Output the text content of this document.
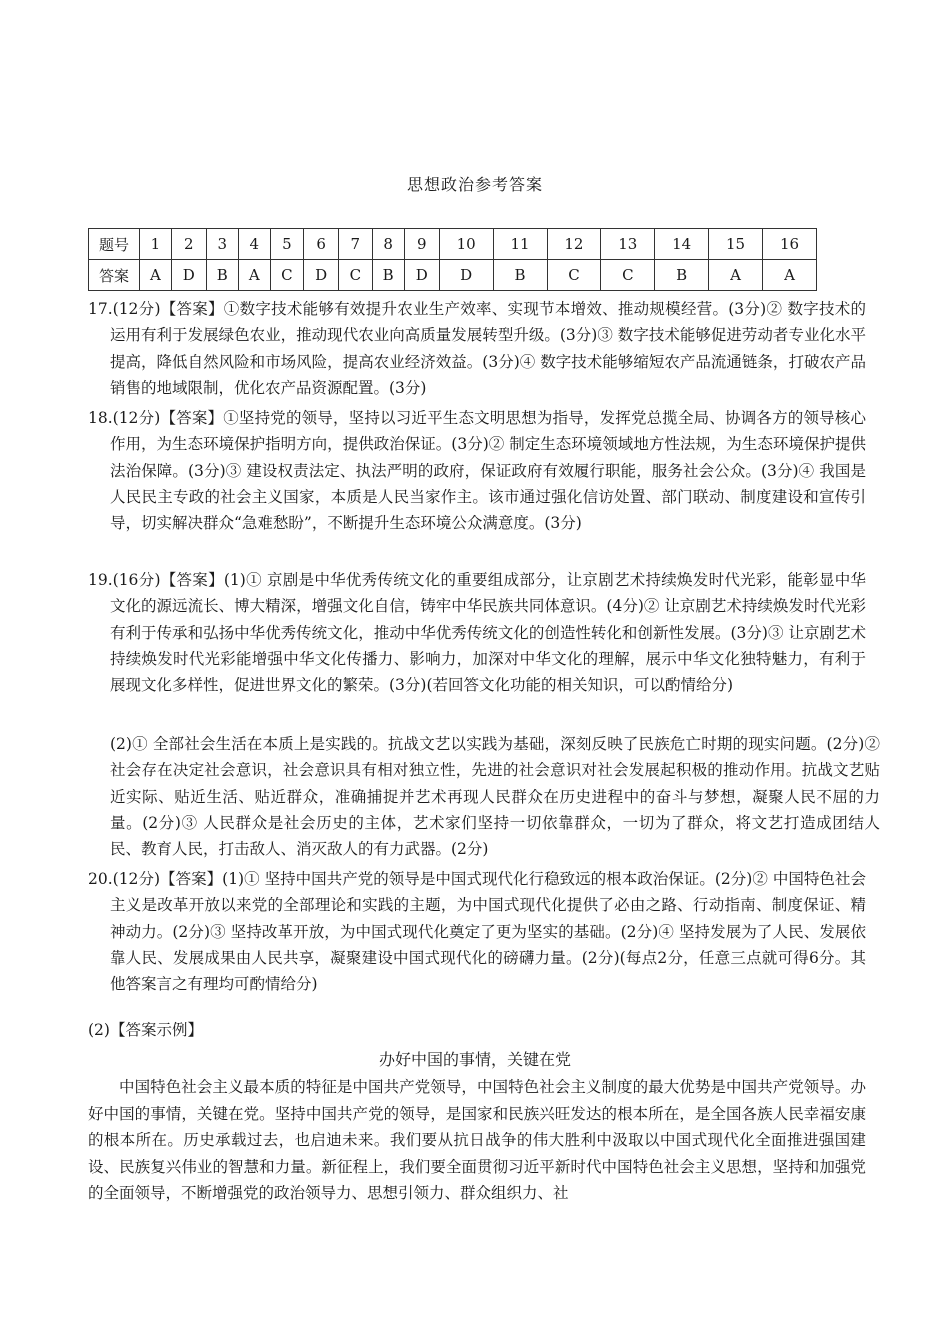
思想政治参考答案
题号	1	2	3	4	5	6	7	8	9	10	11	12	13	14	15	16
答案	A	D	B	A	C	D	C	B	D	D	B	C	C	B	A	A
17.(12分)【答案】①数字技术能够有效提升农业生产效率、实现节本增效、推动规模经营。(3分)② 数字技术的运用有利于发展绿色农业，推动现代农业向高质量发展转型升级。(3分)③ 数字技术能够促进劳动者专业化水平提高，降低自然风险和市场风险，提高农业经济效益。(3分)④ 数字技术能够缩短农产品流通链条，打破农产品销售的地域限制，优化农产品资源配置。(3分)
18.(12分)【答案】①坚持党的领导，坚持以习近平生态文明思想为指导，发挥党总揽全局、协调各方的领导核心作用，为生态环境保护指明方向，提供政治保证。(3分)② 制定生态环境领域地方性法规，为生态环境保护提供法治保障。(3分)③ 建设权责法定、执法严明的政府，保证政府有效履行职能，服务社会公众。(3分)④ 我国是人民民主专政的社会主义国家，本质是人民当家作主。该市通过强化信访处置、部门联动、制度建设和宣传引导，切实解决群众“急难愁盼”，不断提升生态环境公众满意度。(3分)
19.(16分)【答案】(1)① 京剧是中华优秀传统文化的重要组成部分，让京剧艺术持续焕发时代光彩，能彰显中华文化的源远流长、博大精深，增强文化自信，铸牢中华民族共同体意识。(4分)② 让京剧艺术持续焕发时代光彩有利于传承和弘扬中华优秀传统文化，推动中华优秀传统文化的创造性转化和创新性发展。(3分)③ 让京剧艺术持续焕发时代光彩能增强中华文化传播力、影响力，加深对中华文化的理解，展示中华文化独特魅力，有利于展现文化多样性，促进世界文化的繁荣。(3分)(若回答文化功能的相关知识，可以酌情给分)
(2)① 全部社会生活在本质上是实践的。抗战文艺以实践为基础，深刻反映了民族危亡时期的现实问题。(2分)② 社会存在决定社会意识，社会意识具有相对独立性，先进的社会意识对社会发展起积极的推动作用。抗战文艺贴近实际、贴近生活、贴近群众，准确捕捉并艺术再现人民群众在历史进程中的奋斗与梦想，凝聚人民不屈的力量。(2分)③ 人民群众是社会历史的主体，艺术家们坚持一切依靠群众，一切为了群众，将文艺打造成团结人民、教育人民，打击敌人、消灭敌人的有力武器。(2分)
20.(12分)【答案】(1)① 坚持中国共产党的领导是中国式现代化行稳致远的根本政治保证。(2分)② 中国特色社会主义是改革开放以来党的全部理论和实践的主题，为中国式现代化提供了必由之路、行动指南、制度保证、精神动力。(2分)③ 坚持改革开放，为中国式现代化奠定了更为坚实的基础。(2分)④ 坚持发展为了人民、发展依靠人民、发展成果由人民共享，凝聚建设中国式现代化的磅礴力量。(2分)(每点2分，任意三点就可得6分。其他答案言之有理均可酌情给分)
(2)【答案示例】
办好中国的事情，关键在党
中国特色社会主义最本质的特征是中国共产党领导，中国特色社会主义制度的最大优势是中国共产党领导。办好中国的事情，关键在党。坚持中国共产党的领导，是国家和民族兴旺发达的根本所在，是全国各族人民幸福安康的根本所在。历史承载过去，也启迪未来。我们要从抗日战争的伟大胜利中汲取以中国式现代化全面推进强国建设、民族复兴伟业的智慧和力量。新征程上，我们要全面贯彻习近平新时代中国特色社会主义思想，坚持和加强党的全面领导，不断增强党的政治领导力、思想引领力、群众组织力、社
